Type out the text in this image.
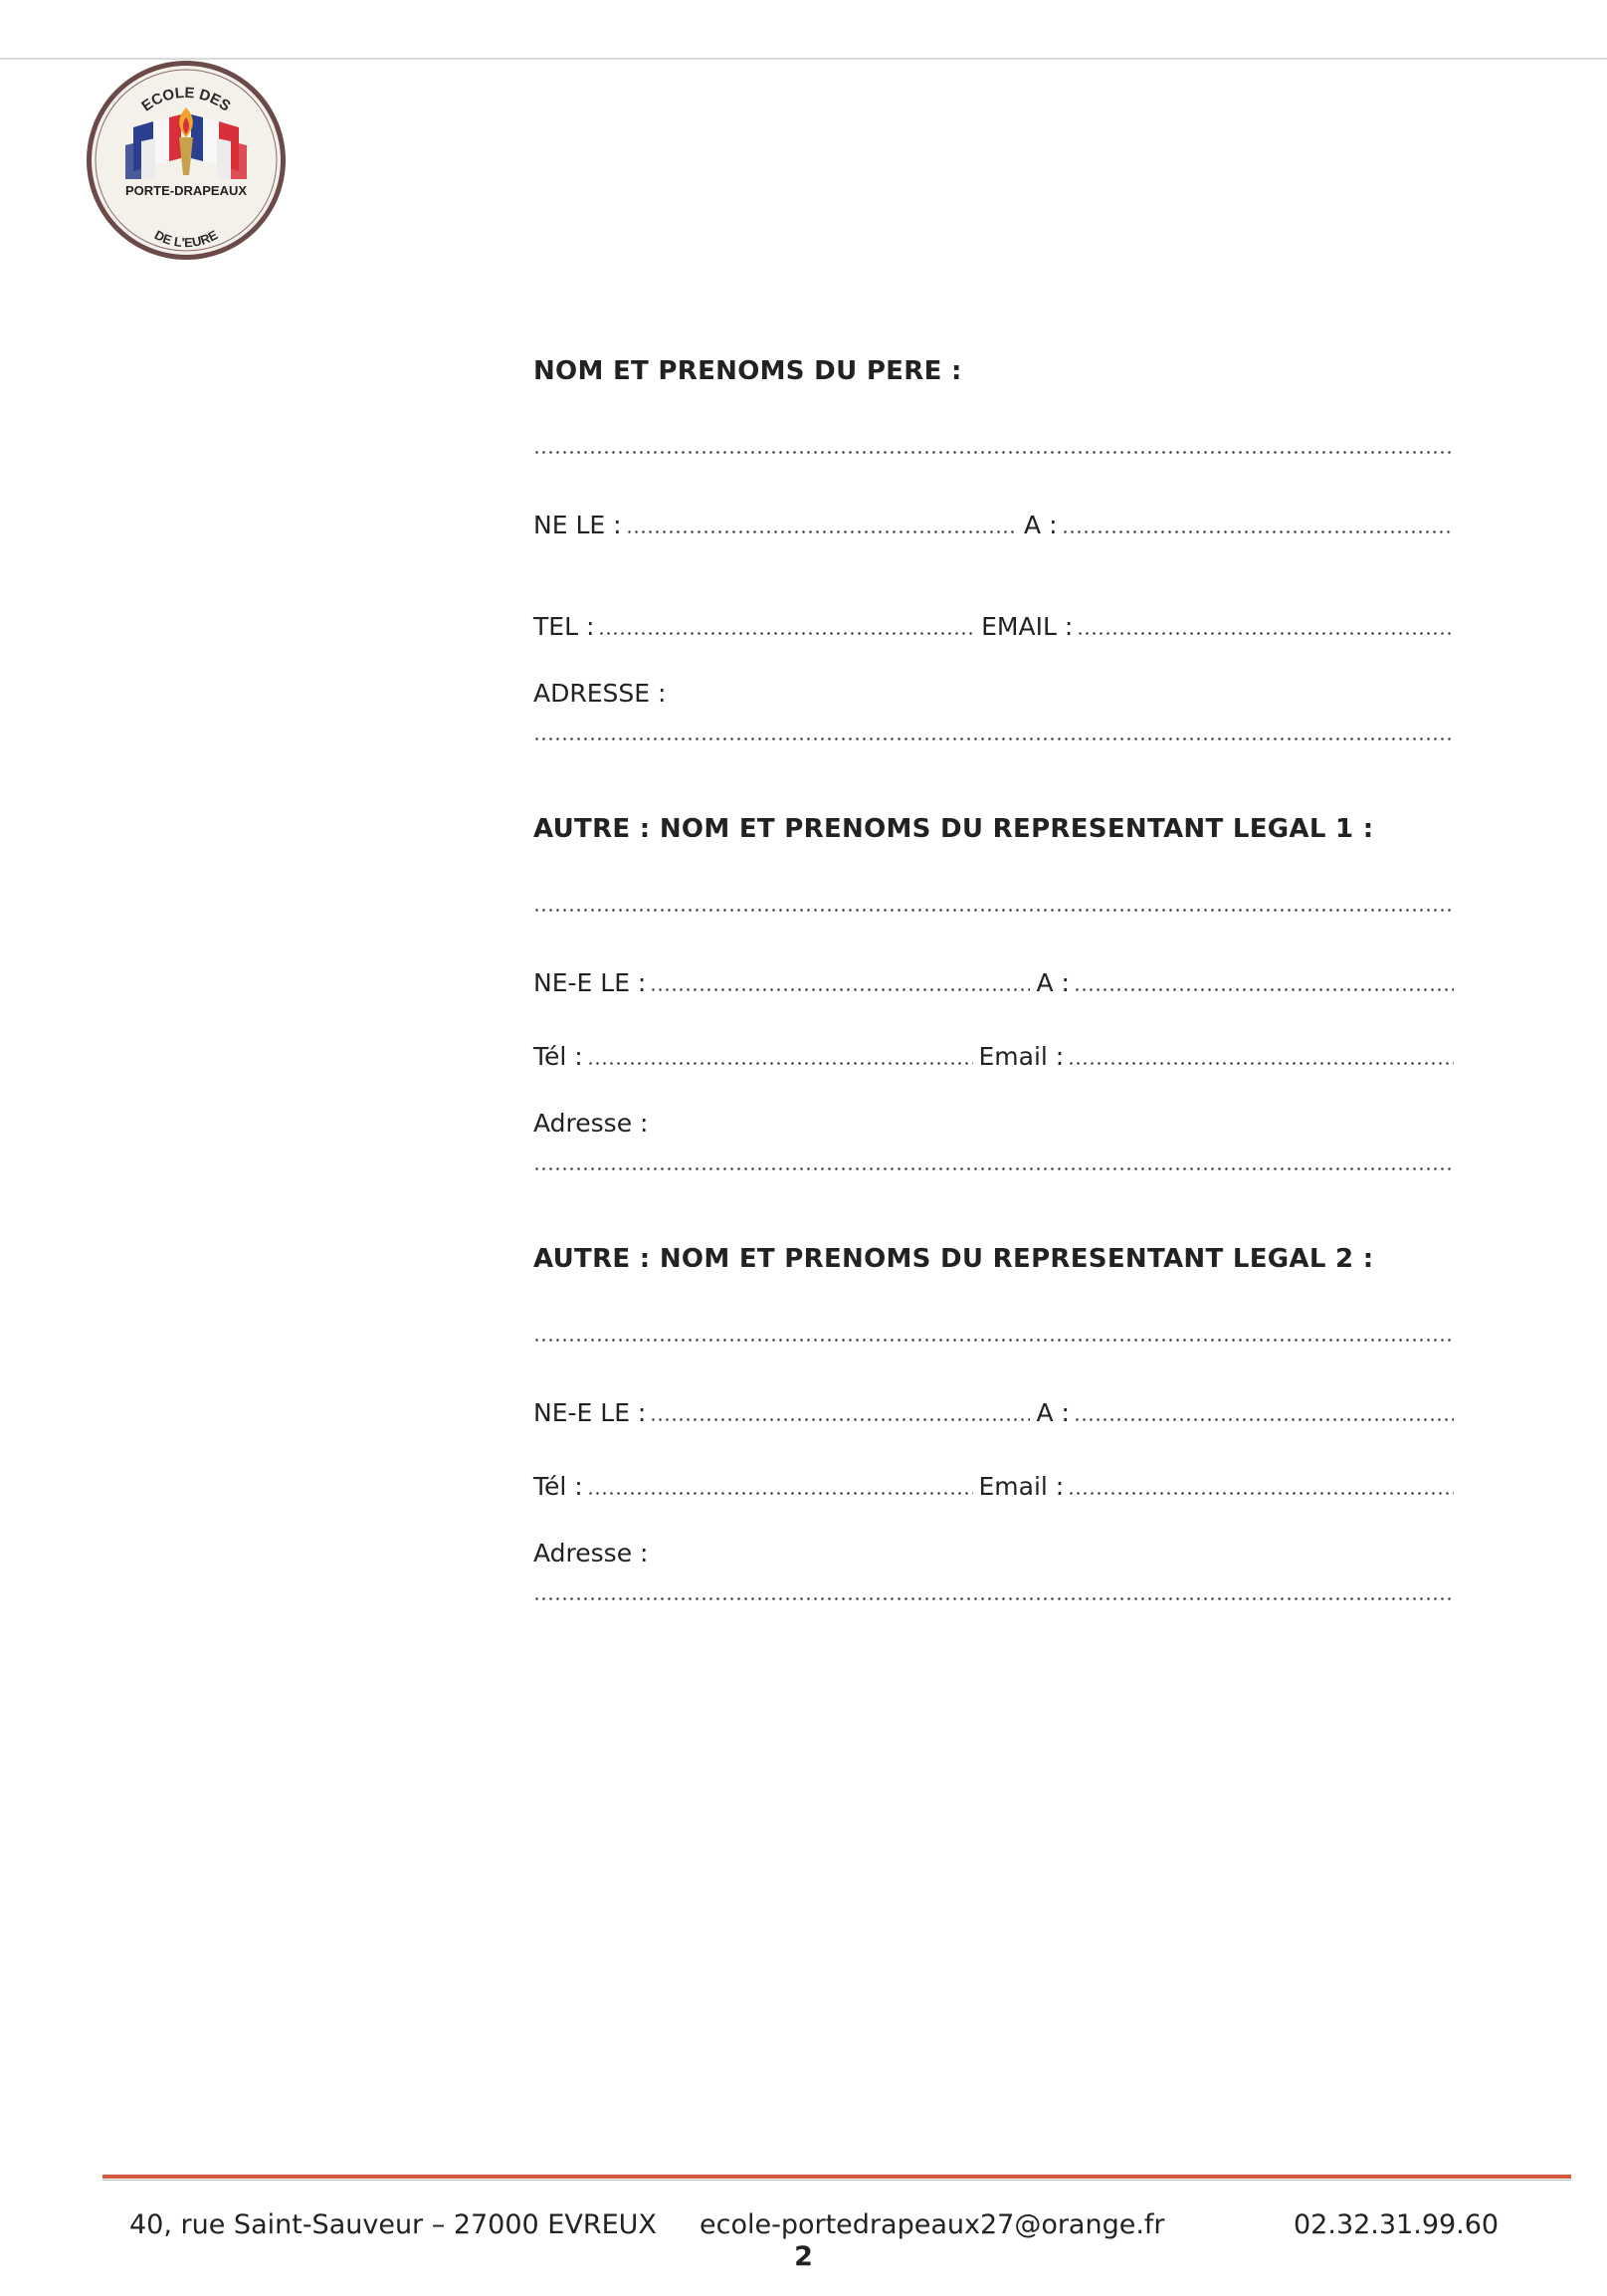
ECOLE DES
PORTE-DRAPEAUX
DE L'EURE
NOM ET PRENOMS DU PERE :
NE LE :	A :
TEL :	EMAIL :
ADRESSE :
AUTRE : NOM ET PRENOMS DU REPRESENTANT LEGAL 1 :
NE-E LE :	A :
Tél :	Email :
Adresse :
AUTRE : NOM ET PRENOMS DU REPRESENTANT LEGAL 2 :
NE-E LE :	A :
Tél :	Email :
Adresse :
40, rue Saint-Sauveur – 27000 EVREUX ecole-portedrapeaux27@orange.fr	02.32.31.99.60
2
